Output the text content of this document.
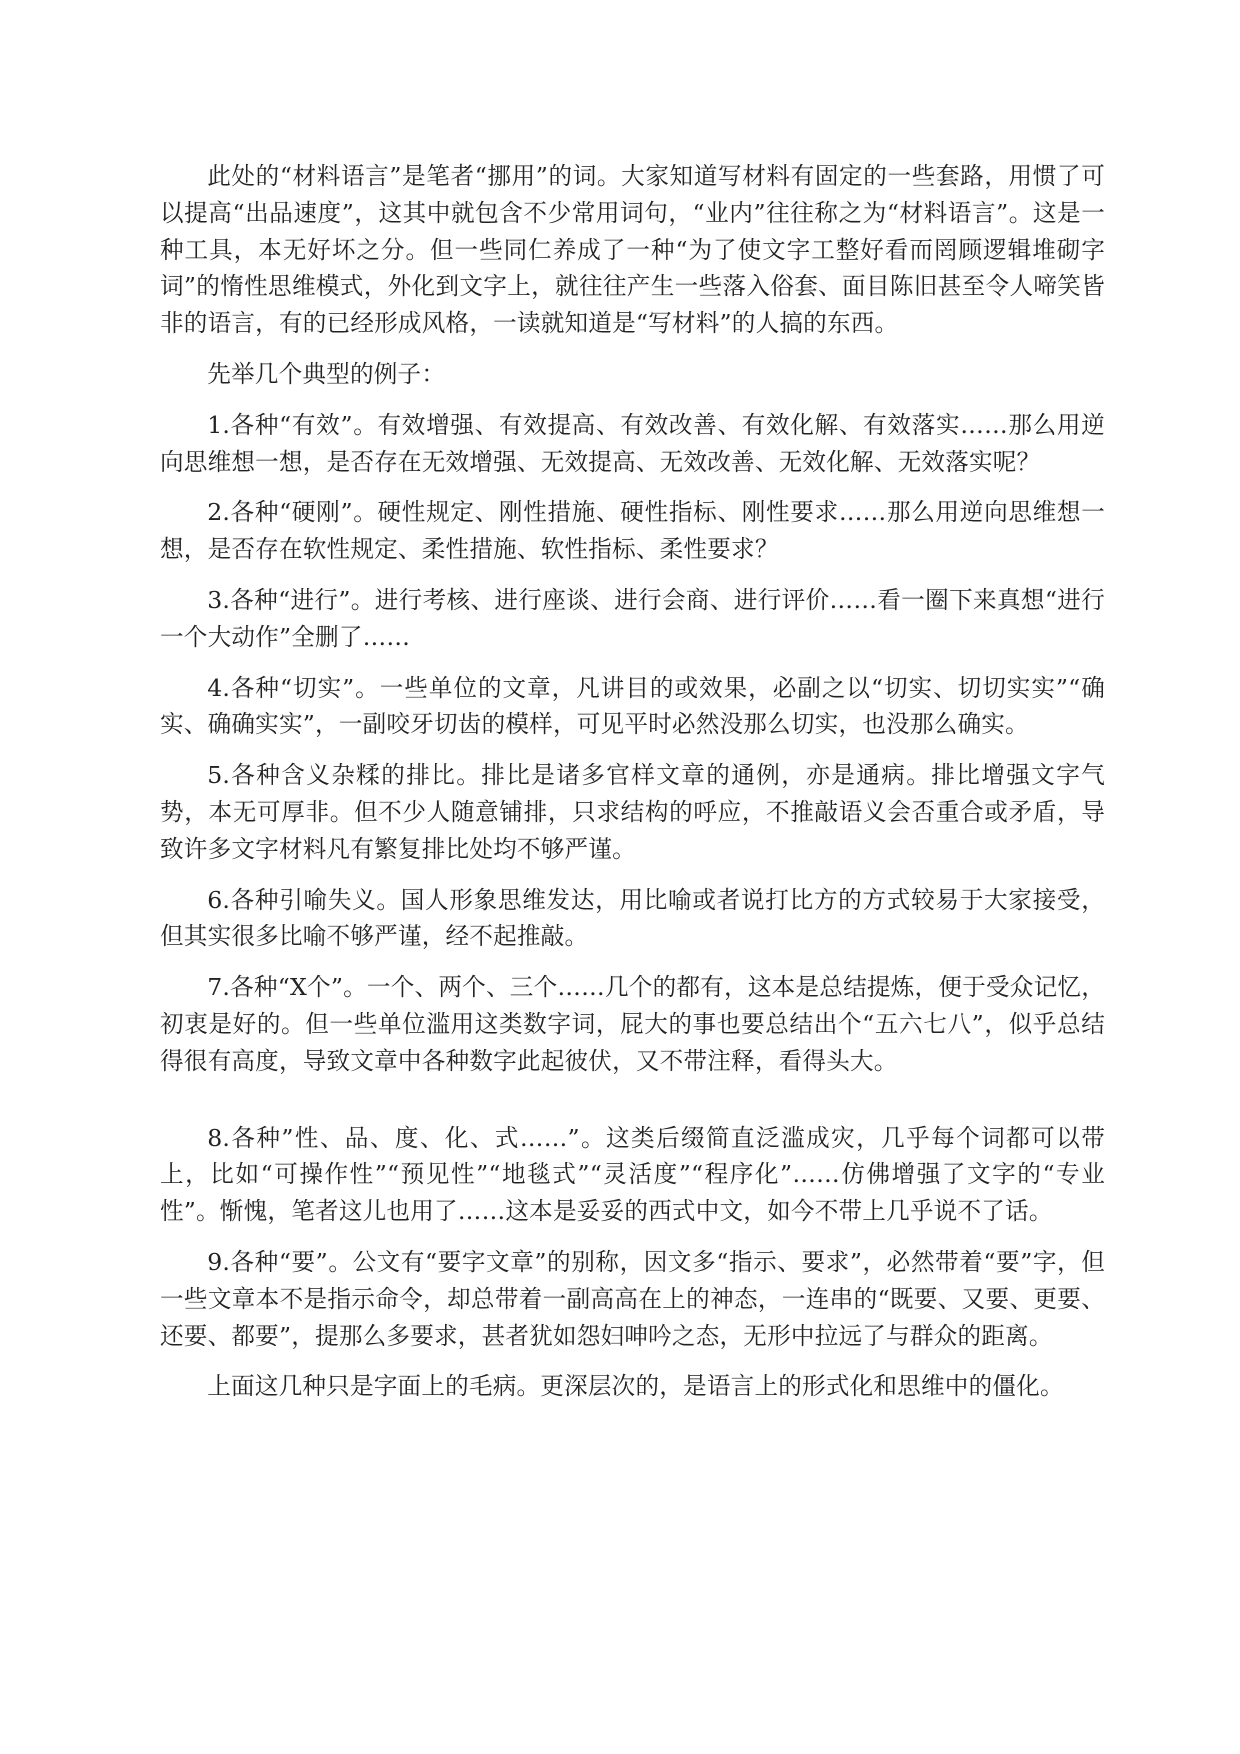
此处的“材料语言”是笔者“挪用”的词。大家知道写材料有固定的一些套路，用惯了可以提高“出品速度”，这其中就包含不少常用词句，“业内”往往称之为“材料语言”。这是一种工具，本无好坏之分。但一些同仁养成了一种“为了使文字工整好看而罔顾逻辑堆砌字词”的惰性思维模式，外化到文字上，就往往产生一些落入俗套、面目陈旧甚至令人啼笑皆非的语言，有的已经形成风格，一读就知道是“写材料”的人搞的东西。

先举几个典型的例子：

1.各种“有效”。有效增强、有效提高、有效改善、有效化解、有效落实……那么用逆向思维想一想，是否存在无效增强、无效提高、无效改善、无效化解、无效落实呢？

2.各种“硬刚”。硬性规定、刚性措施、硬性指标、刚性要求……那么用逆向思维想一想，是否存在软性规定、柔性措施、软性指标、柔性要求？

3.各种“进行”。进行考核、进行座谈、进行会商、进行评价……看一圈下来真想“进行一个大动作”全删了……

4.各种“切实”。一些单位的文章，凡讲目的或效果，必副之以“切实、切切实实”“确实、确确实实”，一副咬牙切齿的模样，可见平时必然没那么切实，也没那么确实。

5.各种含义杂糅的排比。排比是诸多官样文章的通例，亦是通病。排比增强文字气势，本无可厚非。但不少人随意铺排，只求结构的呼应，不推敲语义会否重合或矛盾，导致许多文字材料凡有繁复排比处均不够严谨。

6.各种引喻失义。国人形象思维发达，用比喻或者说打比方的方式较易于大家接受，但其实很多比喻不够严谨，经不起推敲。

7.各种“X个”。一个、两个、三个……几个的都有，这本是总结提炼，便于受众记忆，初衷是好的。但一些单位滥用这类数字词，屁大的事也要总结出个“五六七八”，似乎总结得很有高度，导致文章中各种数字此起彼伏，又不带注释，看得头大。

8.各种”性、品、度、化、式……”。这类后缀简直泛滥成灾，几乎每个词都可以带上，比如“可操作性”“预见性”“地毯式”“灵活度”“程序化”……仿佛增强了文字的“专业性”。惭愧，笔者这儿也用了……这本是妥妥的西式中文，如今不带上几乎说不了话。

9.各种“要”。公文有“要字文章”的别称，因文多“指示、要求”，必然带着“要”字，但一些文章本不是指示命令，却总带着一副高高在上的神态，一连串的“既要、又要、更要、还要、都要”，提那么多要求，甚者犹如怨妇呻吟之态，无形中拉远了与群众的距离。

上面这几种只是字面上的毛病。更深层次的，是语言上的形式化和思维中的僵化。
